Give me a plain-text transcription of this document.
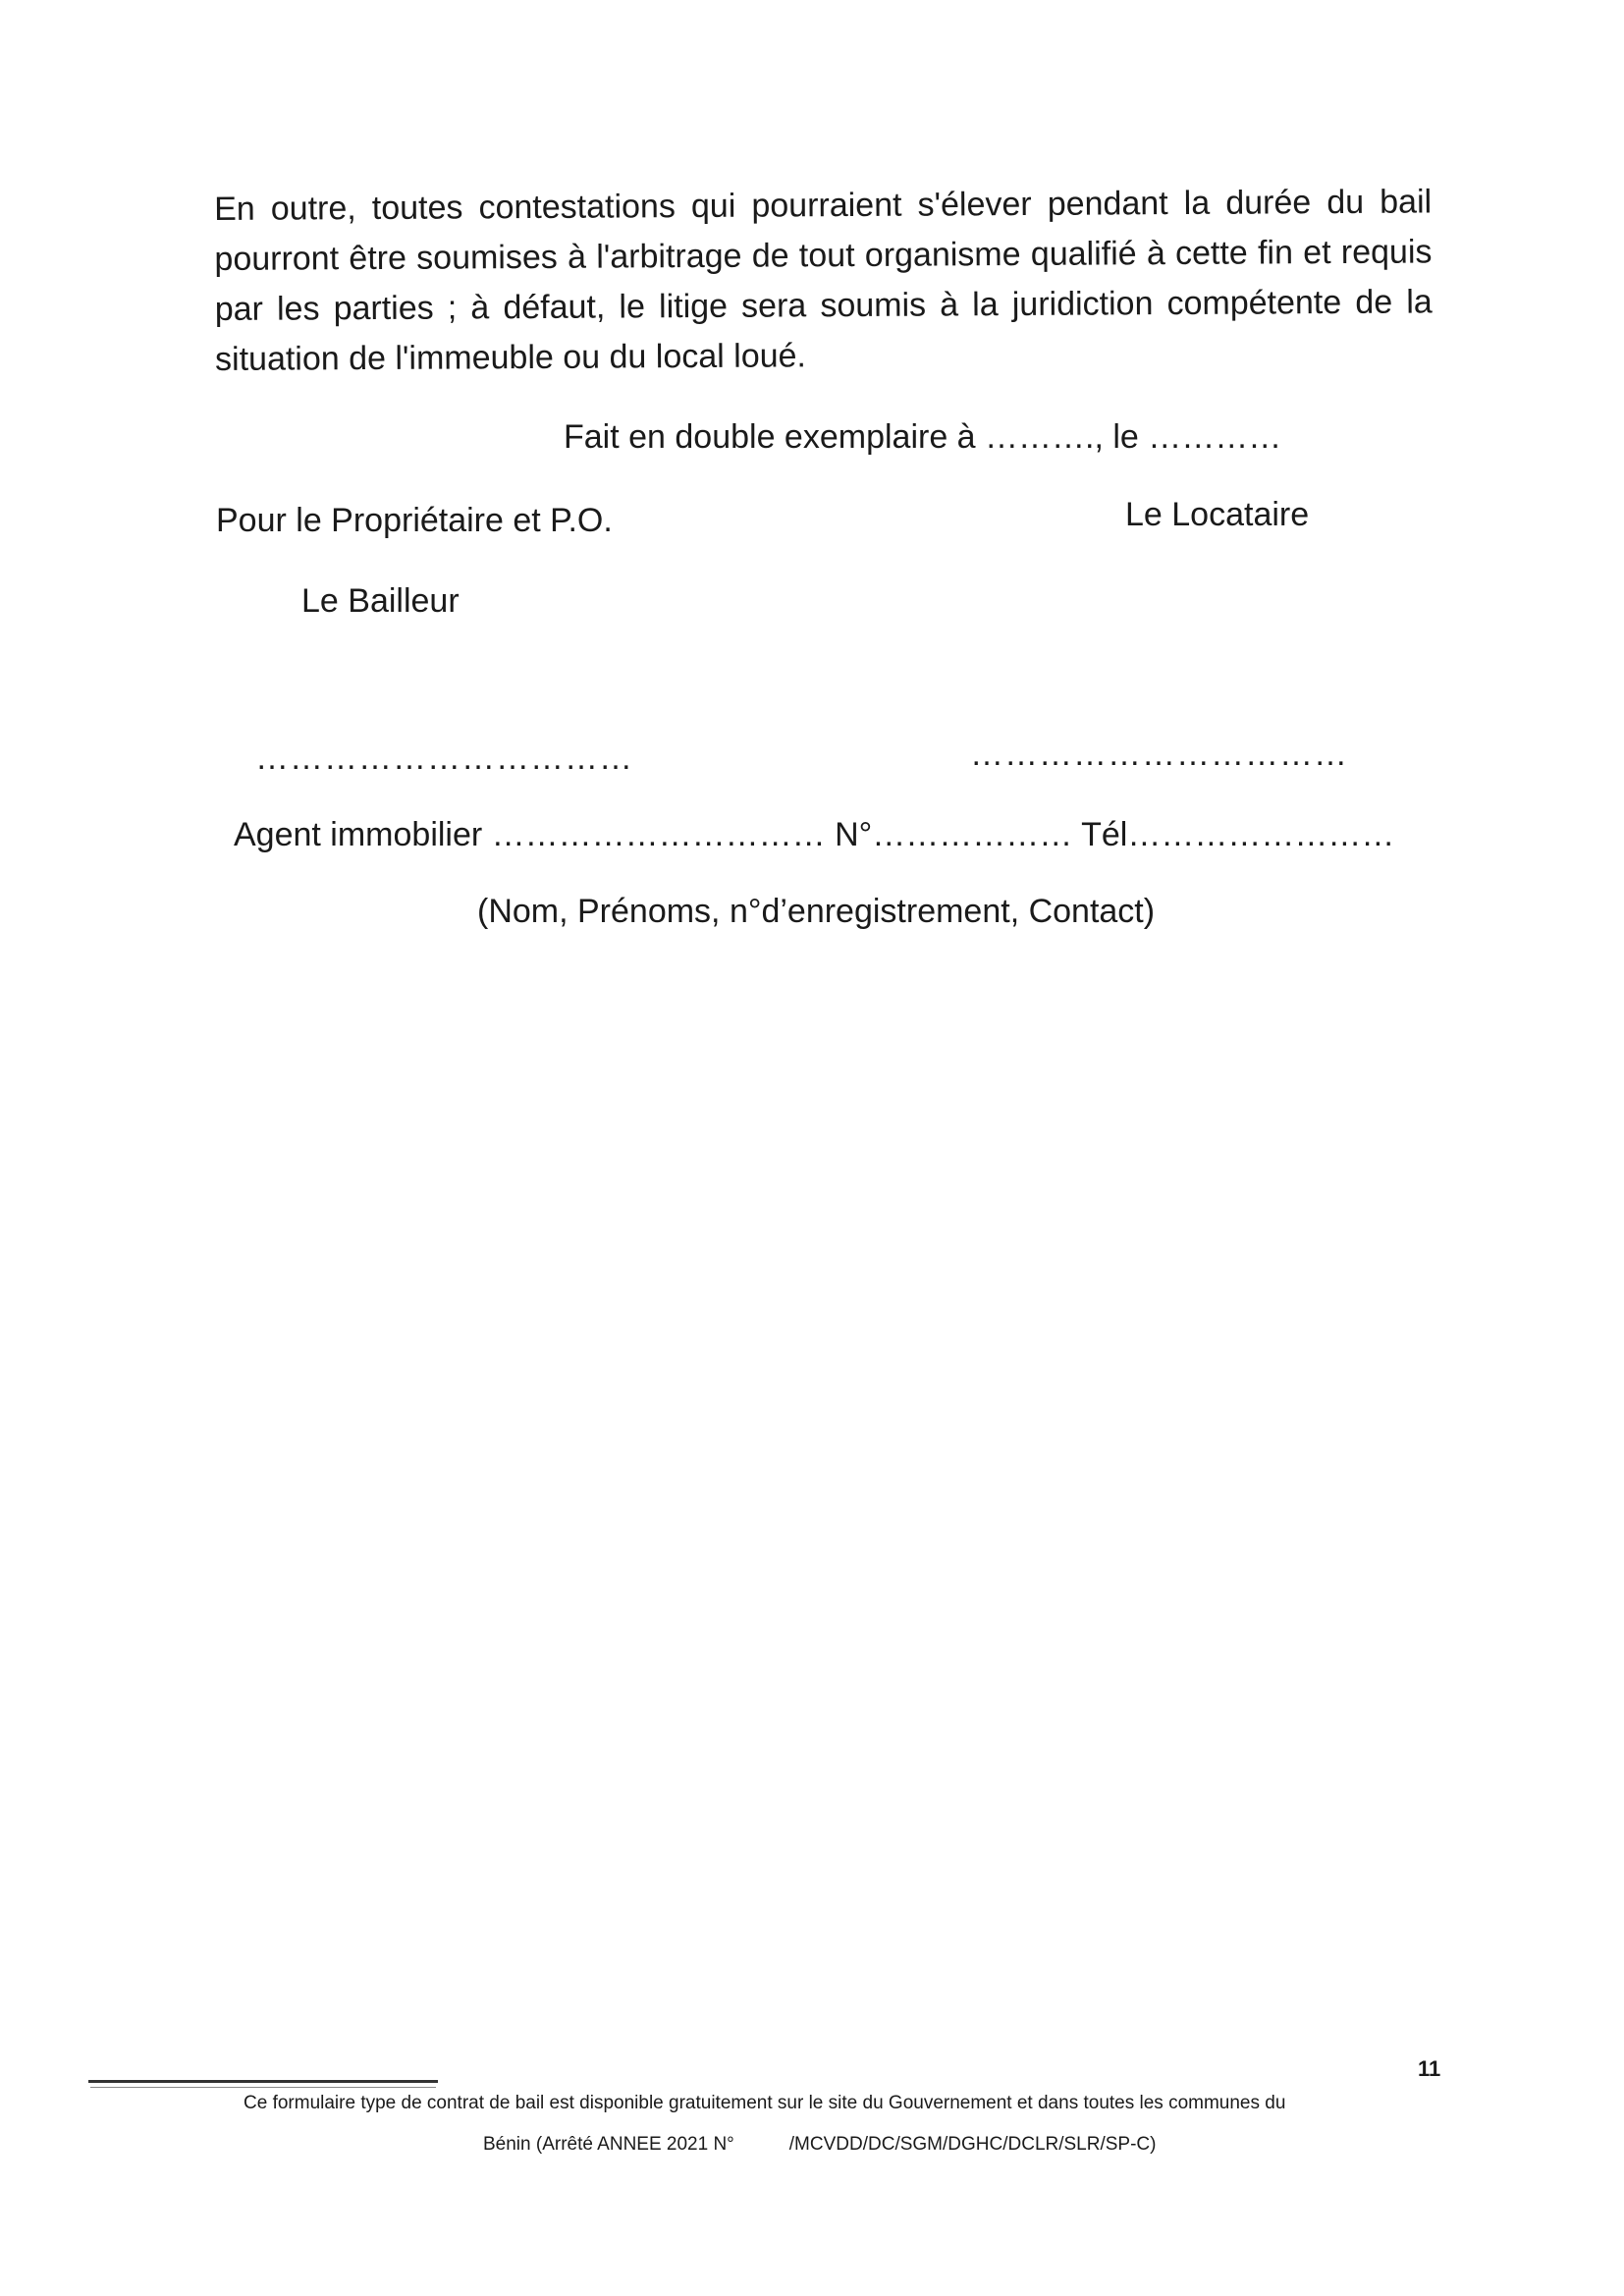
En outre, toutes contestations qui pourraient s'élever pendant la durée du bail pourront être soumises à l'arbitrage de tout organisme qualifié à cette fin et requis par les parties ; à défaut, le litige sera soumis à la juridiction compétente de la situation de l'immeuble ou du local loué.

Fait en double exemplaire à ………., le …………

Pour le Propriétaire et P.O.	Le Locataire

Le Bailleur

……………………………	……………………………

Agent immobilier ………………………… N°……………… Tél……………………

(Nom, Prénoms, n°d’enregistrement, Contact)

11
Ce formulaire type de contrat de bail est disponible gratuitement sur le site du Gouvernement et dans toutes les communes du
Bénin (Arrêté ANNEE 2021 N°	/MCVDD/DC/SGM/DGHC/DCLR/SLR/SP-C)
